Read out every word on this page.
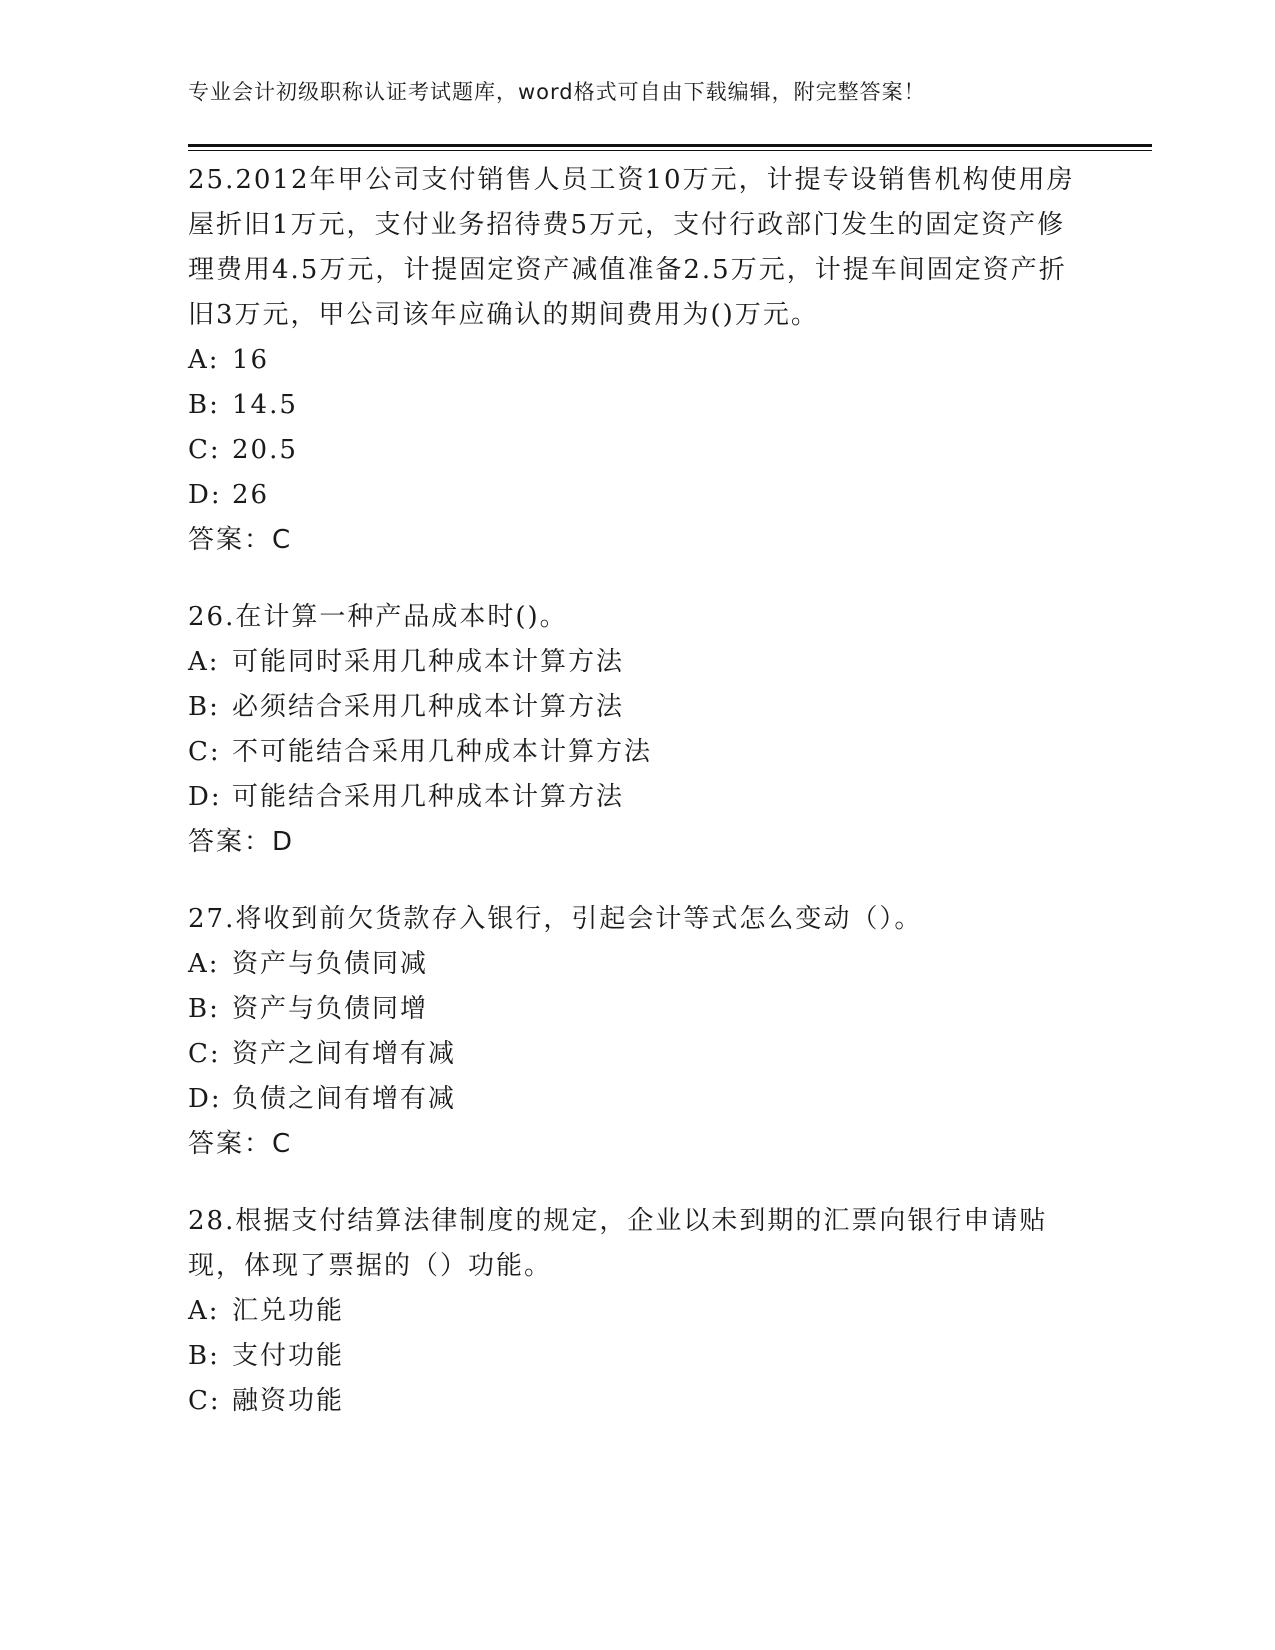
专业会计初级职称认证考试题库，word格式可自由下载编辑，附完整答案！

25.2012年甲公司支付销售人员工资10万元，计提专设销售机构使用房屋折旧1万元，支付业务招待费5万元，支付行政部门发生的固定资产修理费用4.5万元，计提固定资产减值准备2.5万元，计提车间固定资产折旧3万元，甲公司该年应确认的期间费用为()万元。

A: 16

B: 14.5

C: 20.5

D: 26

答案：C

26.在计算一种产品成本时()。

A: 可能同时采用几种成本计算方法

B: 必须结合采用几种成本计算方法

C: 不可能结合采用几种成本计算方法

D: 可能结合采用几种成本计算方法

答案：D

27.将收到前欠货款存入银行，引起会计等式怎么变动（）。

A: 资产与负债同减

B: 资产与负债同增

C: 资产之间有增有减

D: 负债之间有增有减

答案：C

28.根据支付结算法律制度的规定，企业以未到期的汇票向银行申请贴现，体现了票据的（）功能。

A: 汇兑功能

B: 支付功能

C: 融资功能
